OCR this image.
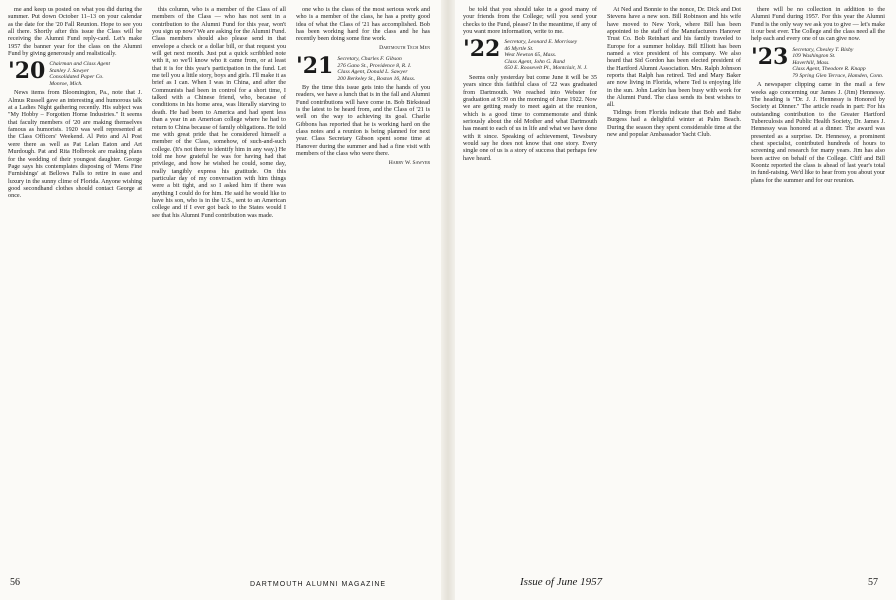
me and keep us posted on what you did during the summer. Put down October 11–13 on your calendar as the date for the '20 Fall Reunion. Hope to see you all there. Shortly after this issue the Class will be receiving the Alumni Fund reply-card. Let's make 1957 the banner year for the class on the Alumni Fund by giving generously and realistically.

'20 Chairman and Class Agent
Stanley J. Sawyer
Consolidated Paper Co.
Monroe, Mich.

News items from Bloomington, Pa., note that J. Almus Russell gave an interesting and humorous talk at a Ladies Night gathering recently. His subject was "My Hobby – Forgotten Home Industries." It seems that faculty members of '20 are making themselves famous as humorists. 1920 was well represented at the Class Officers' Weekend. Al Peto and Al Post were there as well as Pat Lelan Eaton and Art Murdough. Pat and Rita Holbrook are making plans for the wedding of their youngest daughter. George Page says his contemplates disposing of 'Mens Fine Furnishings' at Bellows Falls to retire in ease and luxury in the sunny clime of Florida. Anyone wishing good secondhand clothes should contact George at once.

this column, who is a member of the Class of all members of the Class — who has not sent in a contribution to the Alumni Fund for this year, won't you sign up now? We are asking for the Alumni Fund. Class members should also please send in that envelope a check or a dollar bill, or that request you will get next month. Just put a quick scribbled note with it, so we'll know who it came from, or at least that it is for this year's participation in the fund. Let me tell you a little story, boys and girls. I'll make it as brief as I can. When I was in China, and after the Communists had been in control for a short time, I talked with a Chinese friend, who, because of conditions in his home area, was literally starving to death. He had been to America and had spent less than a year in an American college where he had to return to China because of family obligations. He told me with great pride that he considered himself a member of the Class, somehow, of such-and-such college. (It's not there to identify him in any way.) He told me how grateful he was for having had that privilege, and how he wished he could, some day, really tangibly express his gratitude. On this particular day of my conversation with him things were a bit tight, and so I asked him if there was anything I could do for him. He said he would like to have his son, who is in the U.S., sent to an American college and if I ever got back to the States would I see that his Alumni Fund contribution was made.

one who is the class of the most serious work and who is a member of the class, he has a pretty good idea of what the Class of '21 has accomplished. Bob has been working hard for the class and he has recently been doing some fine work.

Dartmouth Tech Men
'21 Secretary, Charles F. Gibson
276 Gano St., Providence 8, R. I.
Class Agent, Donald L. Sawyer
200 Berkeley St., Boston 16, Mass.

By the time this issue gets into the hands of you readers, we have a lunch that is in the fall and Alumni Fund contributions will have come in. Bob Birkstead is the latest to be heard from, and the Class of '21 is well on the way to achieving its goal. Charlie Gibbons has reported that he is working hard on the class notes and a reunion is being planned for next year. Class Secretary Gibson spent some time at Hanover during the summer and had a fine visit with members of the class who were there.

Harry W. Sawyer
56	DARTMOUTH ALUMNI MAGAZINE

be told that you should take in a good many of your friends from the College; will you send your checks to the Fund, please? In the meantime, if any of you want more information, write to me.

'22 Secretary, Leonard E. Morrissey
46 Myrtle St.
West Newton 65, Mass.
Class Agent, John G. Rand
650 E. Roosevelt Pl., Montclair, N. J.

Seems only yesterday but come June it will be 35 years since this faithful class of '22 was graduated from Dartmouth. We reached into Webster for graduation at 9:30 on the morning of June 1922. Now we are getting ready to meet again at the reunion, which is a good time to commemorate and think seriously about the old Mother and what Dartmouth has meant to each of us in life and what we have done with it since. Speaking of achievement, Tewsbury would say he does not know that one story. Every single one of us is a story of success that perhaps few have heard.

At Ned and Bonnie to the nonce, Dr. Dick and Dot Stevens have a new son. Bill Robinson and his wife have moved to New York, where Bill has been appointed to the staff of the Manufacturers Hanover Trust Co. Bob Reinhart and his family traveled to Europe for a summer holiday. Bill Elliott has been named a vice president of his company. We also heard that Sid Gordon has been elected president of the Hartford Alumni Association. Mrs. Ralph Johnson reports that Ralph has retired. Ted and Mary Baker are now living in Florida, where Ted is enjoying life in the sun. John Larkin has been busy with work for the Alumni Fund. The class sends its best wishes to all.

Tidings from Florida indicate that Bob and Babe Burgess had a delightful winter at Palm Beach. During the season they spent considerable time at the new and popular Ambassador Yacht Club.

there will be no collection in addition to the Alumni Fund during 1957. For this year the Alumni Fund is the only way we ask you to give — let's make it our best ever. The College and the class need all the help each and every one of us can give now.

'23 Secretary, Chesley T. Bixby
109 Washington St.
Haverhill, Mass.
Class Agent, Theodore R. Knapp
79 Spring Glen Terrace, Hamden, Conn.

A newspaper clipping came in the mail a few weeks ago concerning our James J. (Jim) Hennessy. The heading is "Dr. J. J. Hennessy is Honored by Society at Dinner." The article reads in part: For his outstanding contribution to the Greater Hartford Tuberculosis and Public Health Society, Dr. James J. Hennessy was honored at a dinner. The award was presented as a surprise. Dr. Hennessy, a prominent chest specialist, contributed hundreds of hours to screening and research for many years. Jim has also been active on behalf of the College. Cliff and Bill Koontz reported the class is ahead of last year's total in fund-raising. We'd like to hear from you about your plans for the summer and for our reunion.

Issue of June 1957	57
